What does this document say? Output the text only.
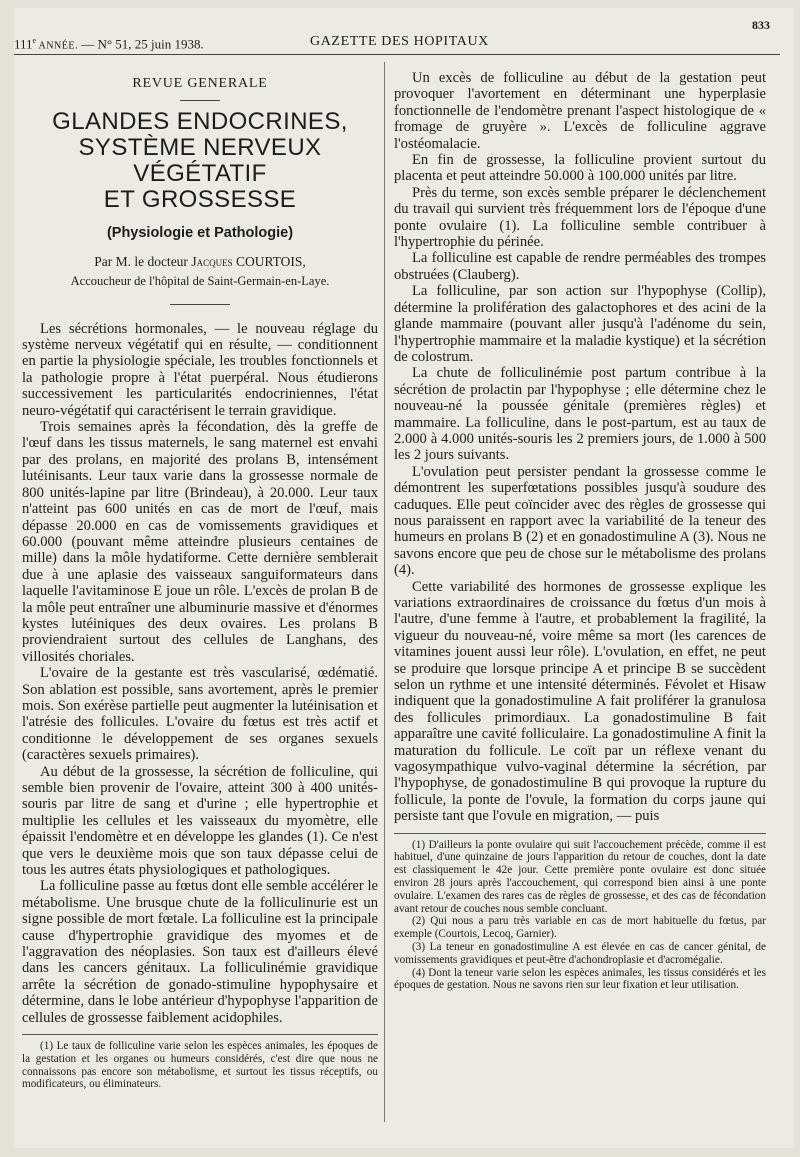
111e ANNÉE. — N° 51, 25 juin 1938.	GAZETTE DES HOPITAUX
833
REVUE GENERALE
GLANDES ENDOCRINES,
SYSTÈME NERVEUX VÉGÉTATIF
ET GROSSESSE
(Physiologie et Pathologie)
Par M. le docteur Jacques COURTOIS,
Accoucheur de l'hôpital de Saint-Germain-en-Laye.

Les sécrétions hormonales, — le nouveau réglage du système nerveux végétatif qui en résulte, — conditionnent en partie la physiologie spéciale, les troubles fonctionnels et la pathologie propre à l'état puerpéral. Nous étudierons successivement les particularités endocriniennes, l'état neuro-végétatif qui caractérisent le terrain gravidique.

Trois semaines après la fécondation, dès la greffe de l'œuf dans les tissus maternels, le sang maternel est envahi par des prolans, en majorité des prolans B, intensément lutéinisants. Leur taux varie dans la grossesse normale de 800 unités-lapine par litre (Brindeau), à 20.000. Leur taux n'atteint pas 600 unités en cas de mort de l'œuf, mais dépasse 20.000 en cas de vomissements gravidiques et 60.000 (pouvant même atteindre plusieurs centaines de mille) dans la môle hydatiforme. Cette dernière semblerait due à une aplasie des vaisseaux sanguiformateurs dans laquelle l'avitaminose E joue un rôle. L'excès de prolan B de la môle peut entraîner une albuminurie massive et d'énormes kystes lutéiniques des deux ovaires. Les prolans B proviendraient surtout des cellules de Langhans, des villosités choriales.

L'ovaire de la gestante est très vascularisé, œdématié. Son ablation est possible, sans avortement, après le premier mois. Son exérèse partielle peut augmenter la lutéinisation et l'atrésie des follicules. L'ovaire du fœtus est très actif et conditionne le développement de ses organes sexuels (caractères sexuels primaires).

Au début de la grossesse, la sécrétion de folliculine, qui semble bien provenir de l'ovaire, atteint 300 à 400 unités-souris par litre de sang et d'urine ; elle hypertrophie et multiplie les cellules et les vaisseaux du myomètre, elle épaissit l'endomètre et en développe les glandes (1). Ce n'est que vers le deuxième mois que son taux dépasse celui de tous les autres états physiologiques et pathologiques.

La folliculine passe au fœtus dont elle semble accélérer le métabolisme. Une brusque chute de la folliculinurie est un signe possible de mort fœtale. La folliculine est la principale cause d'hypertrophie gravidique des myomes et de l'aggravation des néoplasies. Son taux est d'ailleurs élevé dans les cancers génitaux. La folliculinémie gravidique arrête la sécrétion de gonado-stimuline hypophysaire et détermine, dans le lobe antérieur d'hypophyse l'apparition de cellules de grossesse faiblement acidophiles.

(1) Le taux de folliculine varie selon les espèces animales, les époques de la gestation et les organes ou humeurs considérés, c'est dire que nous ne connaissons pas encore son métabolisme, et surtout les tissus réceptifs, ou modificateurs, ou éliminateurs.

Un excès de folliculine au début de la gestation peut provoquer l'avortement en déterminant une hyperplasie fonctionnelle de l'endomètre prenant l'aspect histologique de « fromage de gruyère ». L'excès de folliculine aggrave l'ostéomalacie.

En fin de grossesse, la folliculine provient surtout du placenta et peut atteindre 50.000 à 100.000 unités par litre.

Près du terme, son excès semble préparer le déclenchement du travail qui survient très fréquemment lors de l'époque d'une ponte ovulaire (1). La folliculine semble contribuer à l'hypertrophie du périnée.

La folliculine est capable de rendre perméables des trompes obstruées (Clauberg).

La folliculine, par son action sur l'hypophyse (Collip), détermine la prolifération des galactophores et des acini de la glande mammaire (pouvant aller jusqu'à l'adénome du sein, l'hypertrophie mammaire et la maladie kystique) et la sécrétion de colostrum.

La chute de folliculinémie post partum contribue à la sécrétion de prolactin par l'hypophyse ; elle détermine chez le nouveau-né la poussée génitale (premières règles) et mammaire. La folliculine, dans le post-partum, est au taux de 2.000 à 4.000 unités-souris les 2 premiers jours, de 1.000 à 500 les 2 jours suivants.

L'ovulation peut persister pendant la grossesse comme le démontrent les superfœtations possibles jusqu'à soudure des caduques. Elle peut coïncider avec des règles de grossesse qui nous paraissent en rapport avec la variabilité de la teneur des humeurs en prolans B (2) et en gonadostimuline A (3). Nous ne savons encore que peu de chose sur le métabolisme des prolans (4).

Cette variabilité des hormones de grossesse explique les variations extraordinaires de croissance du fœtus d'un mois à l'autre, d'une femme à l'autre, et probablement la fragilité, la vigueur du nouveau-né, voire même sa mort (les carences de vitamines jouent aussi leur rôle). L'ovulation, en effet, ne peut se produire que lorsque principe A et principe B se succèdent selon un rythme et une intensité déterminés. Févolet et Hisaw indiquent que la gonadostimuline A fait proliférer la granulosa des follicules primordiaux. La gonadostimuline B fait apparaître une cavité folliculaire. La gonadostimuline A finit la maturation du follicule. Le coït par un réflexe venant du vagosympathique vulvo-vaginal détermine la sécrétion, par l'hypophyse, de gonadostimuline B qui provoque la rupture du follicule, la ponte de l'ovule, la formation du corps jaune qui persiste tant que l'ovule en migration, — puis

(1) D'ailleurs la ponte ovulaire qui suit l'accouchement précède, comme il est habituel, d'une quinzaine de jours l'apparition du retour de couches, dont la date est classiquement le 42e jour. Cette première ponte ovulaire est donc située environ 28 jours après l'accouchement, qui correspond bien ainsi à une ponte ovulaire. L'examen des rares cas de règles de grossesse, et des cas de fécondation avant retour de couches nous semble concluant.

(2) Qui nous a paru très variable en cas de mort habituelle du fœtus, par exemple (Courtois, Lecoq, Garnier).

(3) La teneur en gonadostimuline A est élevée en cas de cancer génital, de vomissements gravidiques et peut-être d'achondroplasie et d'acromégalie.

(4) Dont la teneur varie selon les espèces animales, les tissus considérés et les époques de gestation. Nous ne savons rien sur leur fixation et leur utilisation.
